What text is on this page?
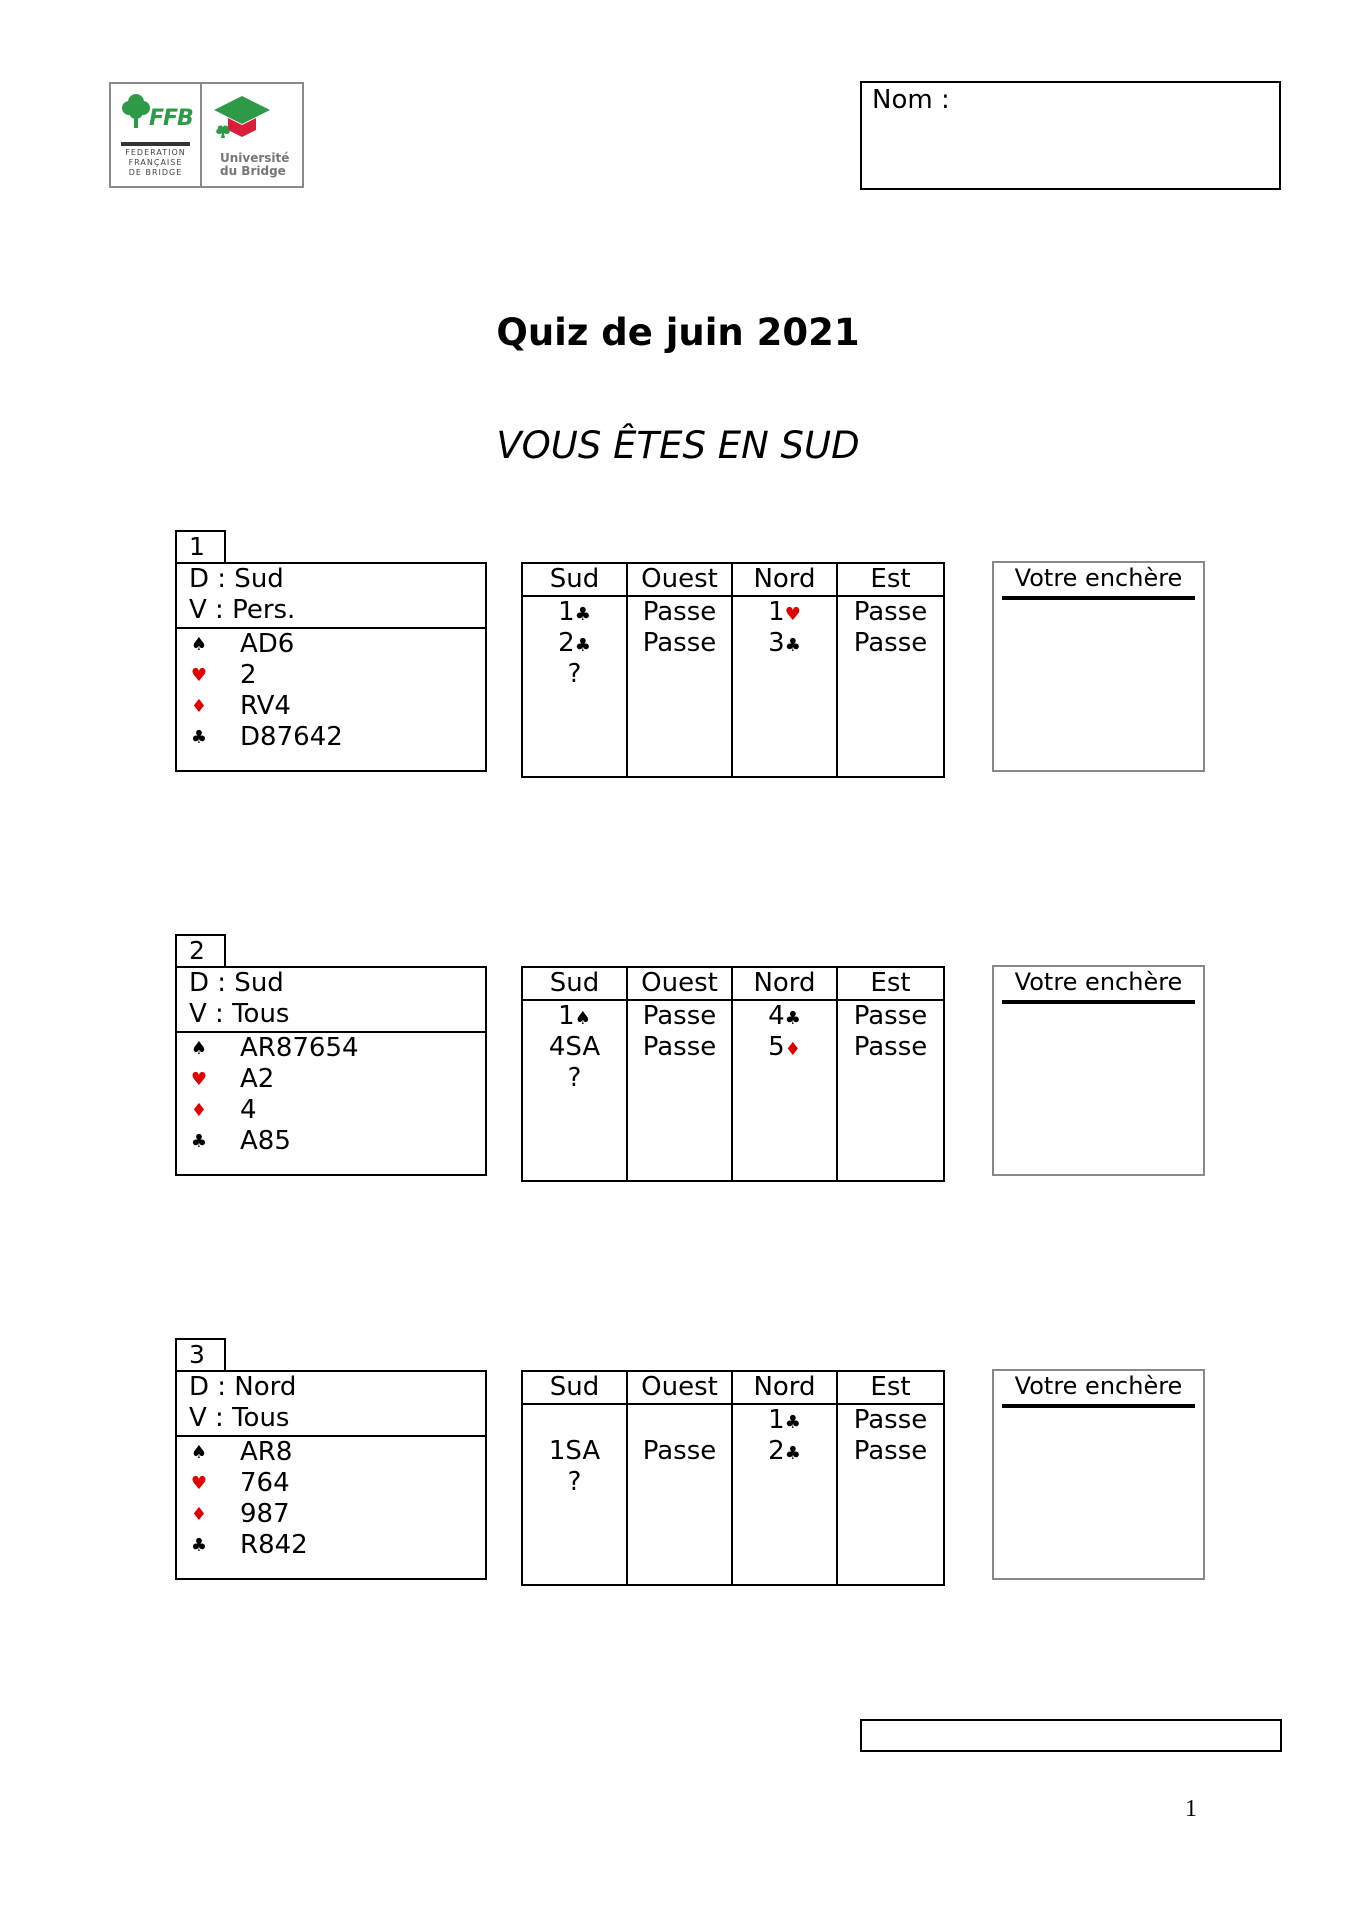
FFB
FEDERATION
FRANÇAISE
DE BRIDGE
Université
du Bridge
Nom :
Quiz de juin 2021
VOUS ÊTES EN SUD
1
D : Sud
V : Pers.
♠ AD6
♥ 2
♦ RV4
♣ D87642
Sud
1♣
2♣
?
Ouest
Passe
Passe
Nord
1♥
3♣
Est
Passe
Passe
Votre enchère
2
D : Sud
V : Tous
♠ AR87654
♥ A2
♦ 4
♣ A85
Sud
1♠
4SA
?
Ouest
Passe
Passe
Nord
4♣
5♦
Est
Passe
Passe
Votre enchère
3
D : Nord
V : Tous
♠ AR8
♥ 764
♦ 987
♣ R842
Sud
1SA
?
Ouest
Passe
Nord
1♣
2♣
Est
Passe
Passe
Votre enchère
1
